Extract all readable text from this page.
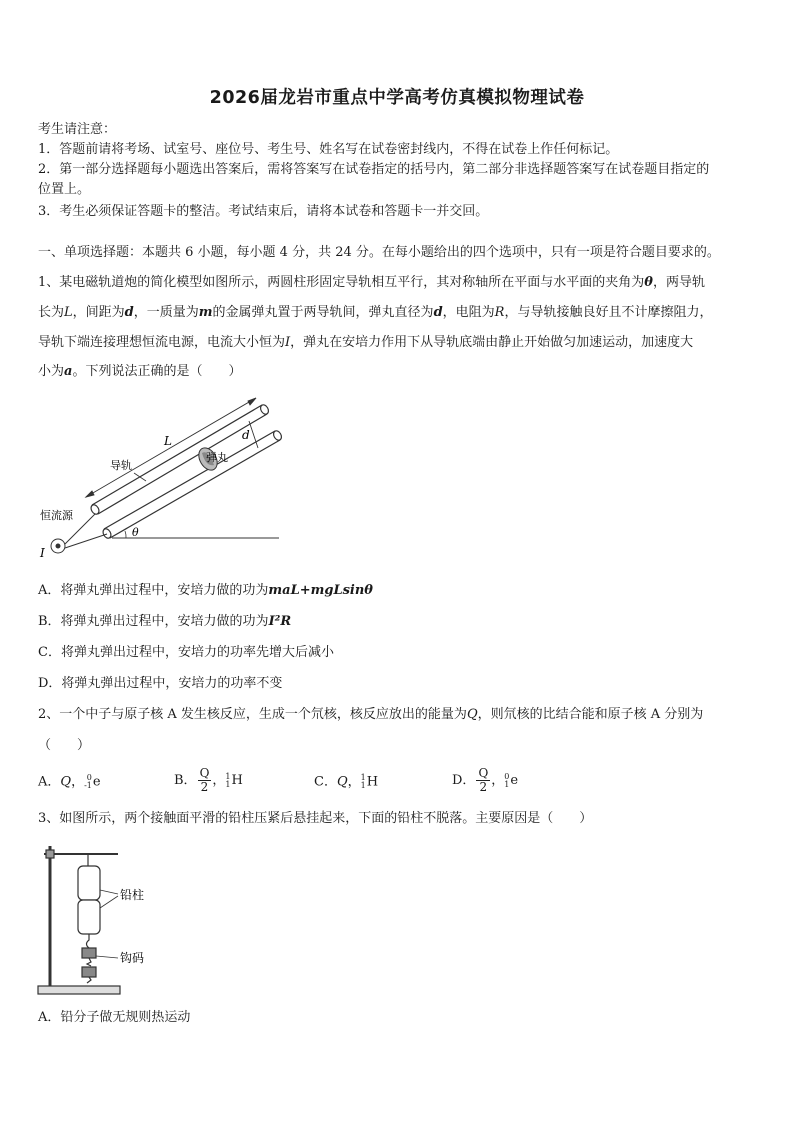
2026届龙岩市重点中学高考仿真模拟物理试卷
考生请注意：
1．答题前请将考场、试室号、座位号、考生号、姓名写在试卷密封线内，不得在试卷上作任何标记。
2．第一部分选择题每小题选出答案后，需将答案写在试卷指定的括号内，第二部分非选择题答案写在试卷题目指定的
位置上。
3．考生必须保证答题卡的整洁。考试结束后，请将本试卷和答题卡一并交回。
一、单项选择题：本题共 6 小题，每小题 4 分，共 24 分。在每小题给出的四个选项中，只有一项是符合题目要求的。
1、某电磁轨道炮的简化模型如图所示，两圆柱形固定导轨相互平行，其对称轴所在平面与水平面的夹角为θ，两导轨
长为L，间距为d，一质量为m的金属弹丸置于两导轨间，弹丸直径为d，电阻为R，与导轨接触良好且不计摩擦阻力，
导轨下端连接理想恒流电源，电流大小恒为I，弹丸在安培力作用下从导轨底端由静止开始做匀加速运动，加速度大
小为a。下列说法正确的是（　　）
L	d
弹丸
导轨
恒流源
I
θ
A．将弹丸弹出过程中，安培力做的功为maL+mgLsinθ
B．将弹丸弹出过程中，安培力做的功为I²R
C．将弹丸弹出过程中，安培力的功率先增大后减小
D．将弹丸弹出过程中，安培力的功率不变
2、一个中子与原子核 A 发生核反应，生成一个氘核，核反应放出的能量为Q，则氘核的比结合能和原子核 A 分别为
（　　）
A．Q， 0
-1 e	B． $\frac{Q}{2}$ ， 1
1 H	C．Q， 1
1 H	D． $\frac{Q}{2}$ ， 0
1 e
3、如图所示，两个接触面平滑的铅柱压紧后悬挂起来，下面的铅柱不脱落。主要原因是（　　）
铅柱
钩码
A．铅分子做无规则热运动
